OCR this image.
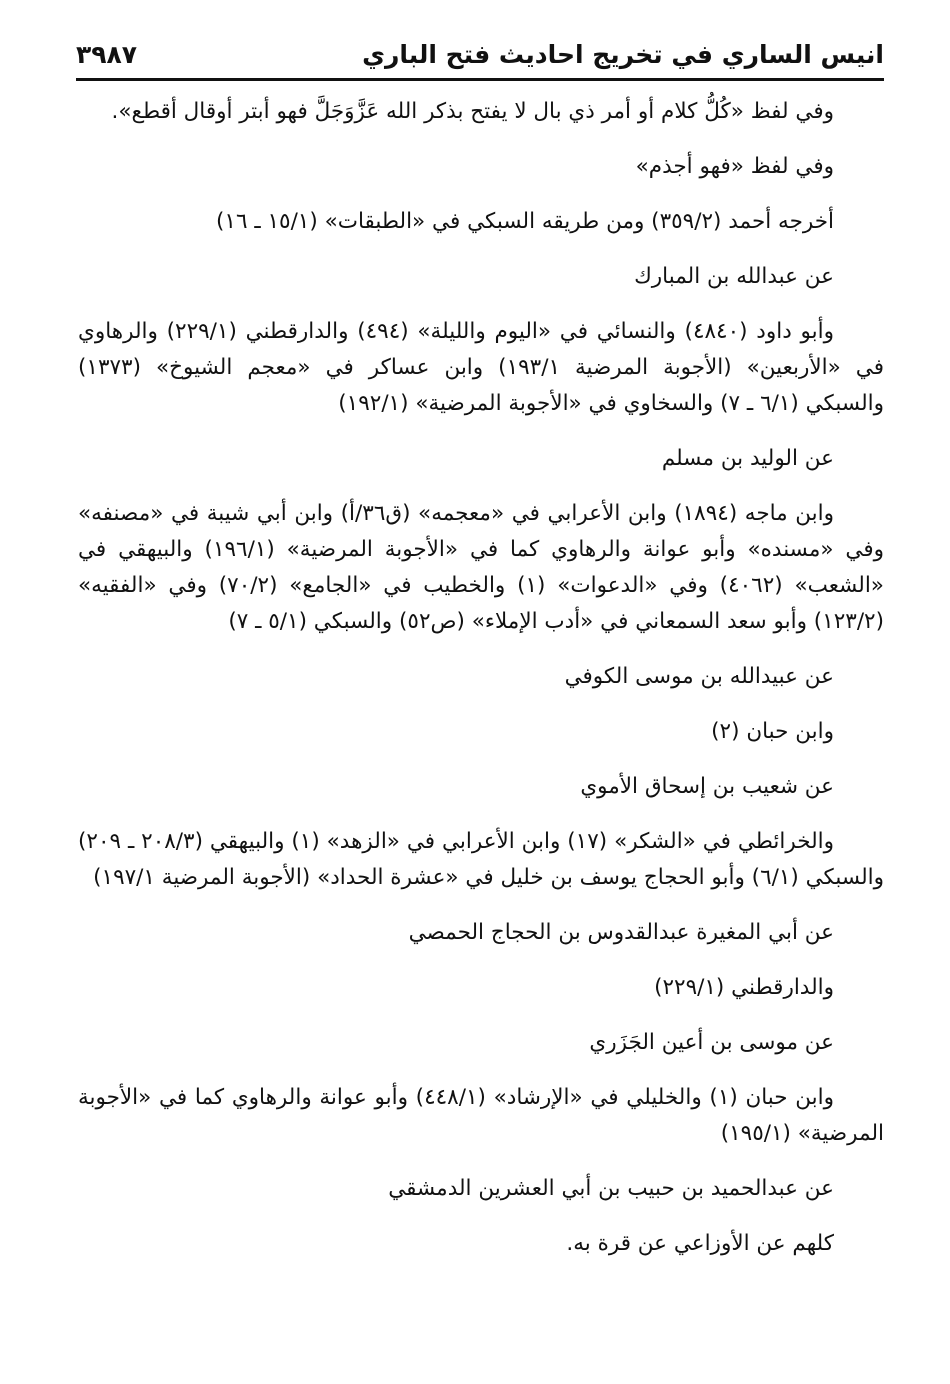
انيس الساري في تخريج احاديث فتح الباري
٣٩٨٧

وفي لفظ «كُلُّ كلام أو أمر ذي بال لا يفتح بذكر الله عَزَّوَجَلَّ فهو أبتر أوقال أقطع».

وفي لفظ «فهو أجذم»

أخرجه أحمد (٣٥٩/٢) ومن طريقه السبكي في «الطبقات» (١٥/١ ـ ١٦)

عن عبدالله بن المبارك

وأبو داود (٤٨٤٠) والنسائي في «اليوم والليلة» (٤٩٤) والدارقطني (٢٢٩/١) والرهاوي في «الأربعين» (الأجوبة المرضية ١٩٣/١) وابن عساكر في «معجم الشيوخ» (١٣٧٣) والسبكي (٦/١ ـ ٧) والسخاوي في «الأجوبة المرضية» (١٩٢/١)

عن الوليد بن مسلم

وابن ماجه (١٨٩٤) وابن الأعرابي في «معجمه» (ق٣٦/أ) وابن أبي شيبة في «مصنفه» وفي «مسنده» وأبو عوانة والرهاوي كما في «الأجوبة المرضية» (١٩٦/١) والبيهقي في «الشعب» (٤٠٦٢) وفي «الدعوات» (١) والخطيب في «الجامع» (٧٠/٢) وفي «الفقيه» (١٢٣/٢) وأبو سعد السمعاني في «أدب الإملاء» (ص٥٢) والسبكي (٥/١ ـ ٧)

عن عبيدالله بن موسى الكوفي

وابن حبان (٢)

عن شعيب بن إسحاق الأموي

والخرائطي في «الشكر» (١٧) وابن الأعرابي في «الزهد» (١) والبيهقي (٢٠٨/٣ ـ ٢٠٩) والسبكي (٦/١) وأبو الحجاج يوسف بن خليل في «عشرة الحداد» (الأجوبة المرضية ١٩٧/١)

عن أبي المغيرة عبدالقدوس بن الحجاج الحمصي

والدارقطني (٢٢٩/١)

عن موسى بن أعين الجَزَري

وابن حبان (١) والخليلي في «الإرشاد» (٤٤٨/١) وأبو عوانة والرهاوي كما في «الأجوبة المرضية» (١٩٥/١)

عن عبدالحميد بن حبيب بن أبي العشرين الدمشقي

كلهم عن الأوزاعي عن قرة به.
